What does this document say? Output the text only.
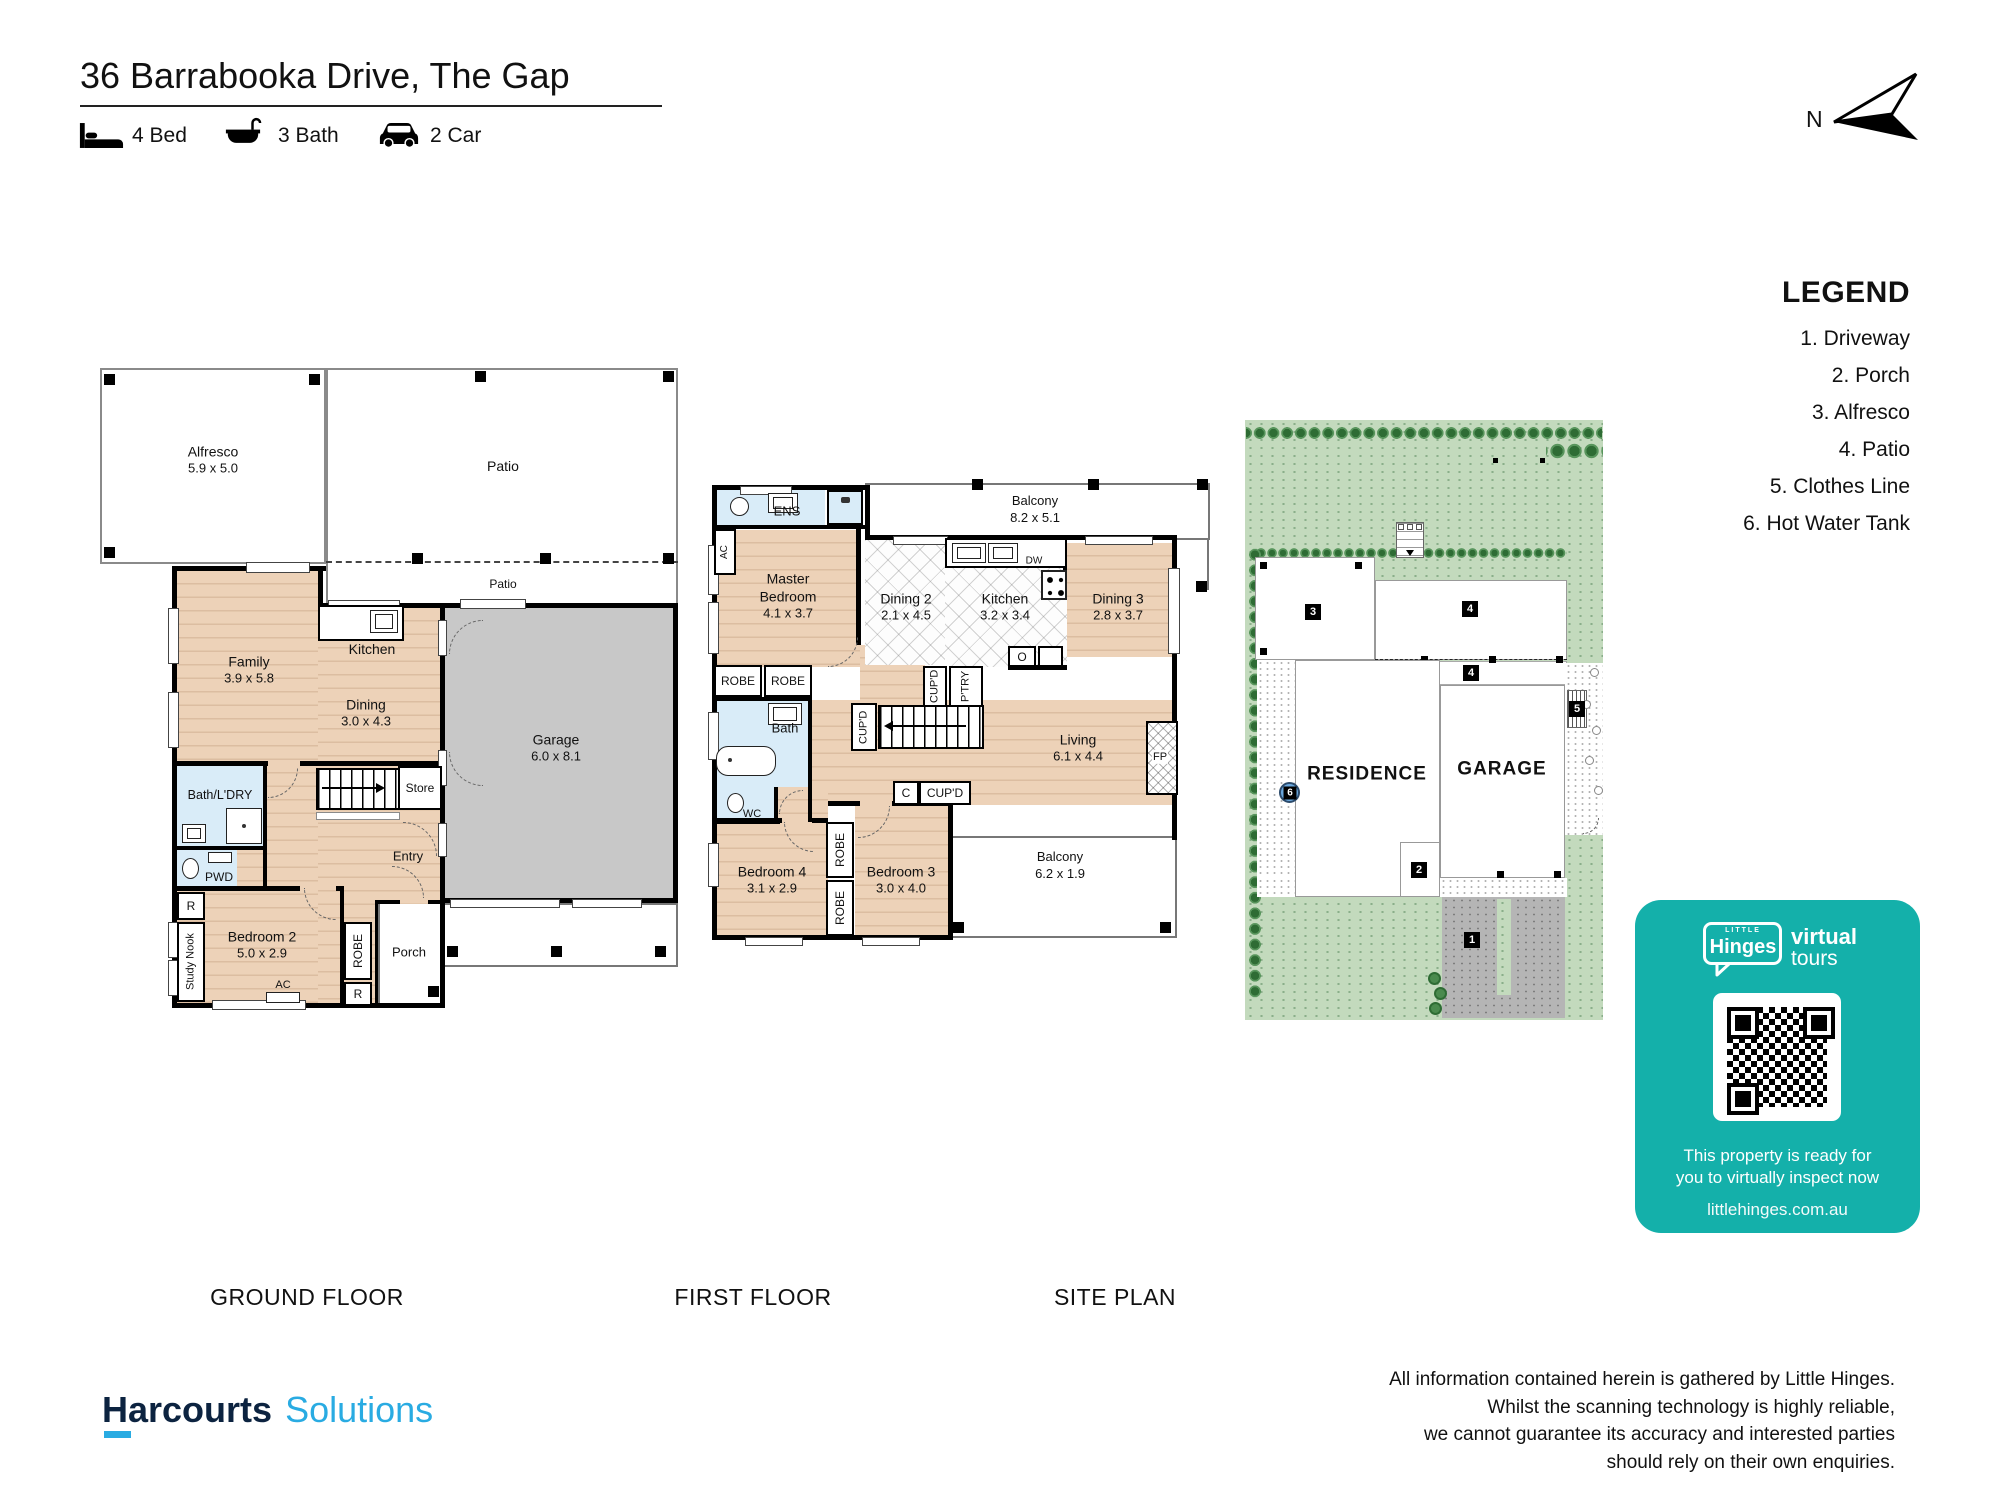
36 Barrabooka Drive, The Gap
4 Bed	3 Bath	2 Car
N
LEGEND
1. Driveway
2. Porch
3. Alfresco
4. Patio
5. Clothes Line
6. Hot Water Tank
Store
R
Study Nook	ROBE
R
Alfresco
5.9 x 5.0	Patio
Patio
Family
3.9 x 5.8
Kitchen
Dining
3.0 x 4.3
Garage
6.0 x 8.1
Bath/L'DRY
PWD
Entry
Bedroom 2
5.0 x 2.9
AC
Porch
AC
ROBE ROBE
CUP'D
CUP'D P'TRY
DW
O
C CUP'D
ROBE
ROBE
ENS
Master Bedroom
4.1 x 3.7
Balcony
8.2 x 5.1
Dining 2
2.1 x 4.5
Kitchen
3.2 x 3.4
Dining 3
2.8 x 3.7
Bath
WC
Living
6.1 x 4.4	FP
Bedroom 4
3.1 x 2.9
Bedroom 3
3.0 x 4.0
Balcony
6.2 x 1.9
RESIDENCE GARAGE
1
2
3	4
4
5
6
GROUND FLOOR	FIRST FLOOR	SITE PLAN
LITTLE
Hinges virtual
tours
This property is ready for
you to virtually inspect now
littlehinges.com.au
Harcourts Solutions
All information contained herein is gathered by Little Hinges.
Whilst the scanning technology is highly reliable,
we cannot guarantee its accuracy and interested parties
should rely on their own enquiries.
